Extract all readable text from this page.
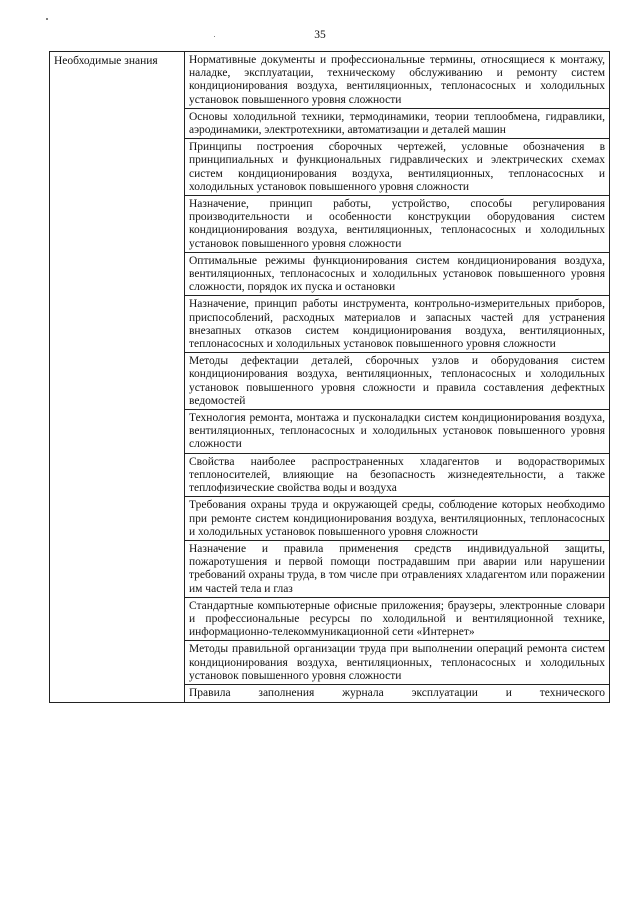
35
Необходимые знания	Нормативные документы и профессиональные термины, относящиеся к монтажу, наладке, эксплуатации, техническому обслуживанию и ремонту систем кондиционирования воздуха, вентиляционных, теплонасосных и холодильных установок повышенного уровня сложности

Основы холодильной техники, термодинамики, теории теплообмена, гидравлики, аэродинамики, электротехники, автоматизации и деталей машин

Принципы построения сборочных чертежей, условные обозначения в принципиальных и функциональных гидравлических и электрических схемах систем кондиционирования воздуха, вентиляционных, теплонасосных и холодильных установок повышенного уровня сложности

Назначение, принцип работы, устройство, способы регулирования производительности и особенности конструкции оборудования систем кондиционирования воздуха, вентиляционных, теплонасосных и холодильных установок повышенного уровня сложности

Оптимальные режимы функционирования систем кондиционирования воздуха, вентиляционных, теплонасосных и холодильных установок повышенного уровня сложности, порядок их пуска и остановки

Назначение, принцип работы инструмента, контрольно-измерительных приборов, приспособлений, расходных материалов и запасных частей для устранения внезапных отказов систем кондиционирования воздуха, вентиляционных, теплонасосных и холодильных установок повышенного уровня сложности

Методы дефектации деталей, сборочных узлов и оборудования систем кондиционирования воздуха, вентиляционных, теплонасосных и холодильных установок повышенного уровня сложности и правила составления дефектных ведомостей

Технология ремонта, монтажа и пусконаладки систем кондиционирования воздуха, вентиляционных, теплонасосных и холодильных установок повышенного уровня сложности

Свойства наиболее распространенных хладагентов и водорастворимых теплоносителей, влияющие на безопасность жизнедеятельности, а также теплофизические свойства воды и воздуха

Требования охраны труда и окружающей среды, соблюдение которых необходимо при ремонте систем кондиционирования воздуха, вентиляционных, теплонасосных и холодильных установок повышенного уровня сложности

Назначение и правила применения средств индивидуальной защиты, пожаротушения и первой помощи пострадавшим при аварии или нарушении требований охраны труда, в том числе при отравлениях хладагентом или поражении им частей тела и глаз

Стандартные компьютерные офисные приложения; браузеры, электронные словари и профессиональные ресурсы по холодильной и вентиляционной технике, информационно-телекоммуникационной сети «Интернет»

Методы правильной организации труда при выполнении операций ремонта систем кондиционирования воздуха, вентиляционных, теплонасосных и холодильных установок повышенного уровня сложности

Правила заполнения журнала эксплуатации и технического
